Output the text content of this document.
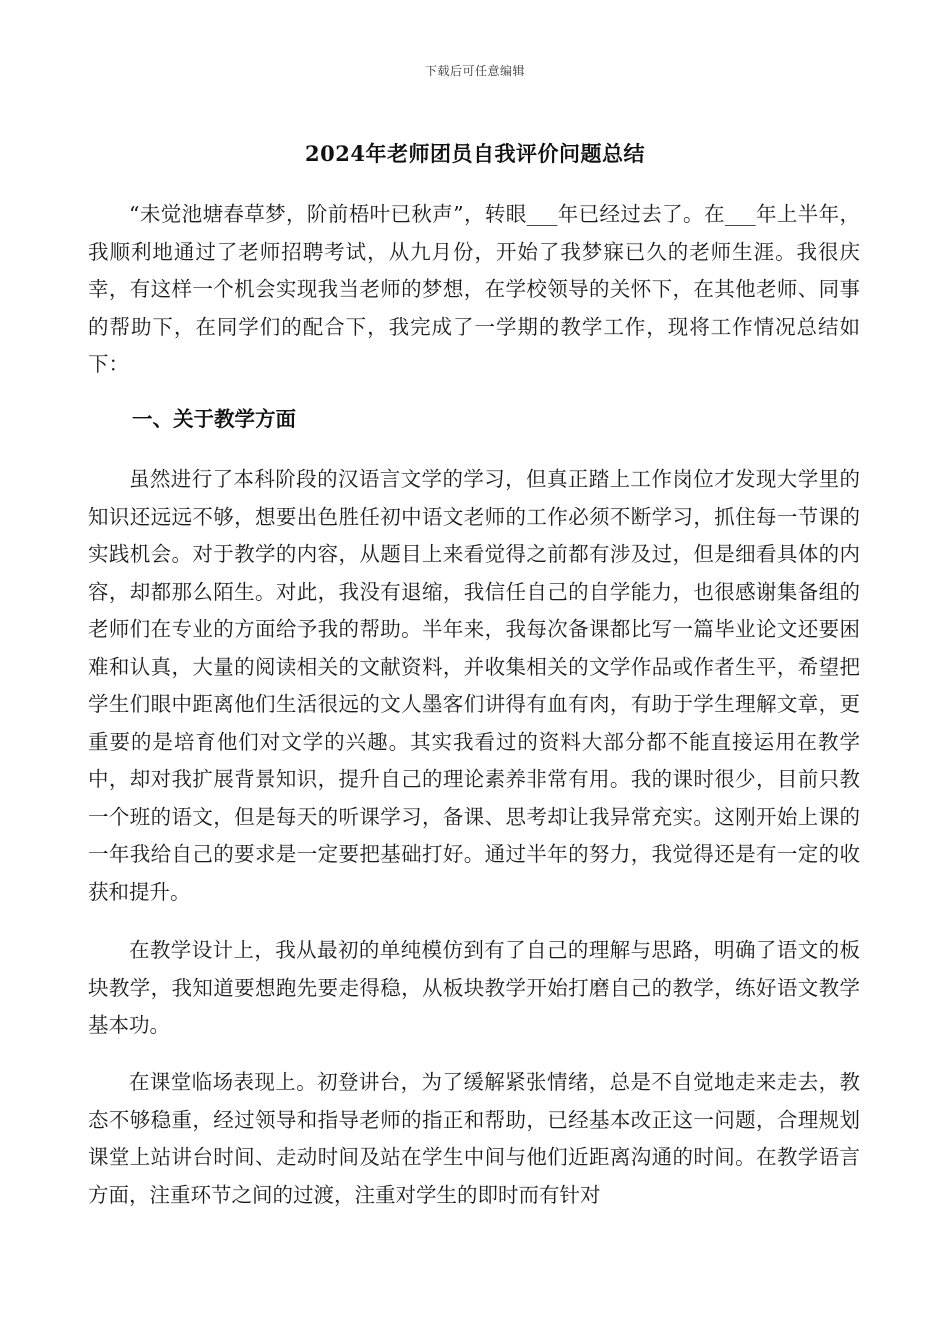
下载后可任意编辑
2024年老师团员自我评价问题总结

“未觉池塘春草梦，阶前梧叶已秋声”，转眼___年已经过去了。在___年上半年，我顺利地通过了老师招聘考试，从九月份，开始了我梦寐已久的老师生涯。我很庆幸，有这样一个机会实现我当老师的梦想，在学校领导的关怀下，在其他老师、同事的帮助下，在同学们的配合下，我完成了一学期的教学工作，现将工作情况总结如下：

一、关于教学方面

虽然进行了本科阶段的汉语言文学的学习，但真正踏上工作岗位才发现大学里的知识还远远不够，想要出色胜任初中语文老师的工作必须不断学习，抓住每一节课的实践机会。对于教学的内容，从题目上来看觉得之前都有涉及过，但是细看具体的内容，却都那么陌生。对此，我没有退缩，我信任自己的自学能力，也很感谢集备组的老师们在专业的方面给予我的帮助。半年来，我每次备课都比写一篇毕业论文还要困难和认真，大量的阅读相关的文献资料，并收集相关的文学作品或作者生平，希望把学生们眼中距离他们生活很远的文人墨客们讲得有血有肉，有助于学生理解文章，更重要的是培育他们对文学的兴趣。其实我看过的资料大部分都不能直接运用在教学中，却对我扩展背景知识，提升自己的理论素养非常有用。我的课时很少，目前只教一个班的语文，但是每天的听课学习，备课、思考却让我异常充实。这刚开始上课的一年我给自己的要求是一定要把基础打好。通过半年的努力，我觉得还是有一定的收获和提升。

在教学设计上，我从最初的单纯模仿到有了自己的理解与思路，明确了语文的板块教学，我知道要想跑先要走得稳，从板块教学开始打磨自己的教学，练好语文教学基本功。

在课堂临场表现上。初登讲台，为了缓解紧张情绪，总是不自觉地走来走去，教态不够稳重，经过领导和指导老师的指正和帮助，已经基本改正这一问题，合理规划课堂上站讲台时间、走动时间及站在学生中间与他们近距离沟通的时间。在教学语言方面，注重环节之间的过渡，注重对学生的即时而有针对
